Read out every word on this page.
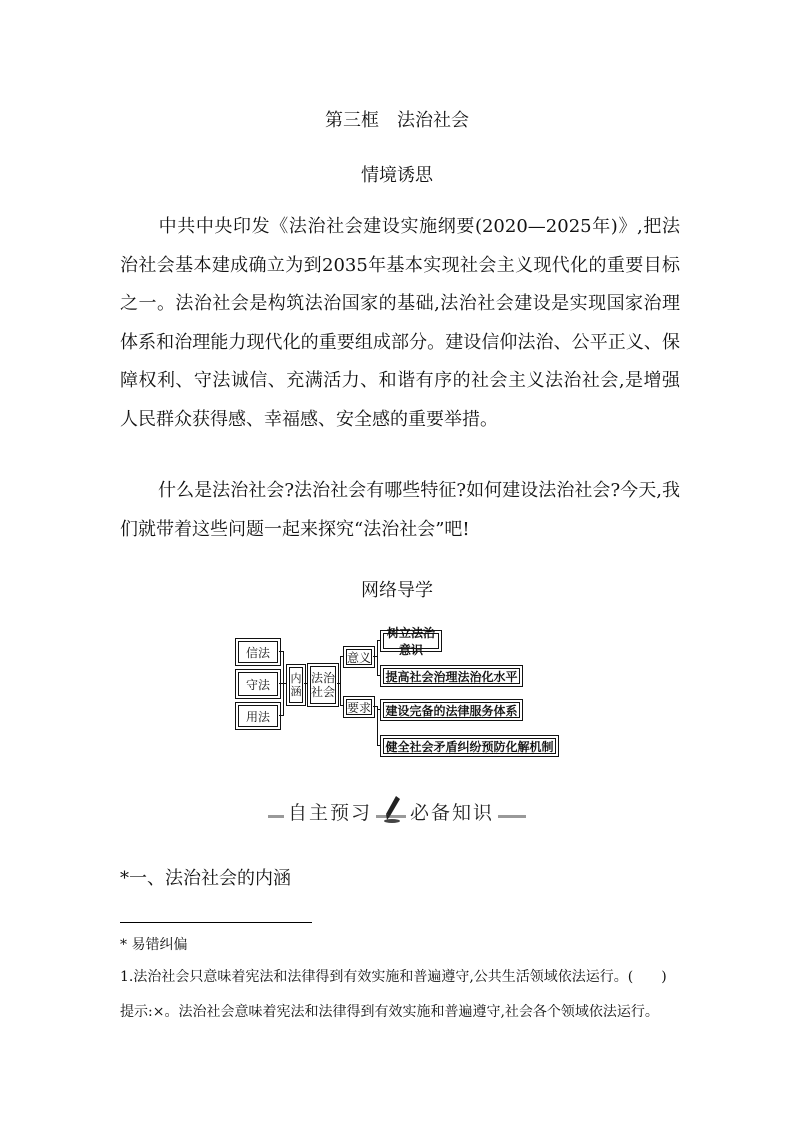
第三框　法治社会
情境诱思
中共中央印发《法治社会建设实施纲要(2020—2025年)》,把法治社会基本建成确立为到2035年基本实现社会主义现代化的重要目标之一。法治社会是构筑法治国家的基础,法治社会建设是实现国家治理体系和治理能力现代化的重要组成部分。建设信仰法治、公平正义、保障权利、守法诚信、充满活力、和谐有序的社会主义法治社会,是增强人民群众获得感、幸福感、安全感的重要举措。
什么是法治社会?法治社会有哪些特征?如何建设法治社会?今天,我们就带着这些问题一起来探究“法治社会”吧!
网络导学
信法
守法
用法
内涵
法治社会
意义
要求
树立法治意识
提高社会治理法治化水平
建设完备的法律服务体系
健全社会矛盾纠纷预防化解机制
自主预习 必备知识
*一、法治社会的内涵
* 易错纠偏
1.法治社会只意味着宪法和法律得到有效实施和普遍遵守,公共生活领域依法运行。(　　)
提示:×。法治社会意味着宪法和法律得到有效实施和普遍遵守,社会各个领域依法运行。
